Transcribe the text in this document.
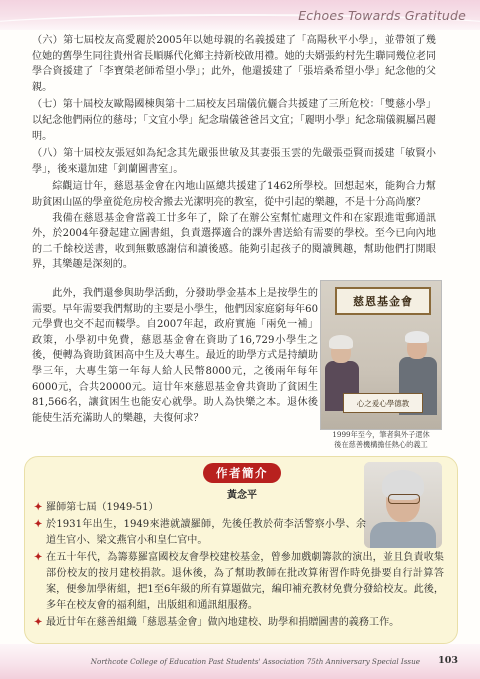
Echoes Towards Gratitude

（六）第七屆校友高愛麗於2005年以她母親的名義援建了「高陽秋平小學」，並帶領了幾位她的舊學生同往貴州省長順縣代化鄉主持新校啟用禮。她的夫婿張約村先生聯同幾位老同學合資援建了「李寶榮老師希望小學」；此外，他還援建了「張培桑希望小學」紀念他的父親。

（七）第十屆校友歐陽國棟與第十二屆校友呂瑞儀伉儷合共援建了三所危校：「雙慈小學」以紀念他們兩位的慈母；「文宜小學」紀念瑞儀爸爸呂文宜；「麗明小學」紀念瑞儀親屬呂麗明。

（八）第十屆校友張冠如為紀念其先嚴張世敏及其妻張玉雲的先嚴張亞賢而援建「敏賢小學」，後來還加建「釗蘭圖書室」。

綜觀這廿年，慈恩基金會在內地山區總共援建了1462所學校。回想起來，能夠合力幫助貧困山區的學童從危房校舍搬去光潔明亮的教室，從中引起的樂趣，不是十分高尚麼？

我備在慈恩基金會當義工廿多年了，除了在辦公室幫忙處理文件和在家跟進電郵通訊外，於2004年發起建立圖書組，負責選擇適合的課外書送給有需要的學校。至今已向內地的二千餘校送書，收到無數感謝信和讀後感。能夠引起孩子的閱讀興趣，幫助他們打開眼界，其樂趣是深刻的。

此外，我們還參與助學活動，分發助學金基本上是按學生的需要。早年需要我們幫助的主要是小學生，他們因家庭窮每年60元學費也交不起而輟學。自2007年起，政府實施「兩免一補」政策，小學初中免費，慈恩基金會在資助了16,729小學生之後，便轉為資助貧困高中生及大專生。最近的助學方式是持續助學三年，大專生第一年每人給人民幣8000元，之後兩年每年6000元，合共20000元。這廿年來慈恩基金會共資助了貧困生81,566名，讓貧困生也能安心就學。助人為快樂之本。退休後能使生活充滿助人的樂趣，夫復何求？

慈恩基金會
心之爰心學德教
1999年至今，筆者與外子還休
後在慈善機構擔任熱心的義工
作者簡介
黃念平
✦ 羅師第七屆（1949-51）
✦ 於1931年出生，1949來港就讀羅師，先後任教於荷李活警察小學、余道生官小、梁文燕官小和皇仁官中。
✦ 在五十年代，為籌募羅富國校友會學校建校基金，曾參加戲劇籌款的演出，並且負責收集部份校友的按月建校捐款。退休後，為了幫助教師在批改算術習作時免掛要自行計算答案，便參加學術組，把1至6年級的所有算題做完，編印補充教材免費分發給校友。此後，多年在校友會的福利組，出版組和通訊組服務。
✦ 最近廿年在慈善組織「慈恩基金會」做內地建校、助學和捐贈圖書的義務工作。
Northcote College of Education Past Students' Association 75th Anniversary Special Issue 103
